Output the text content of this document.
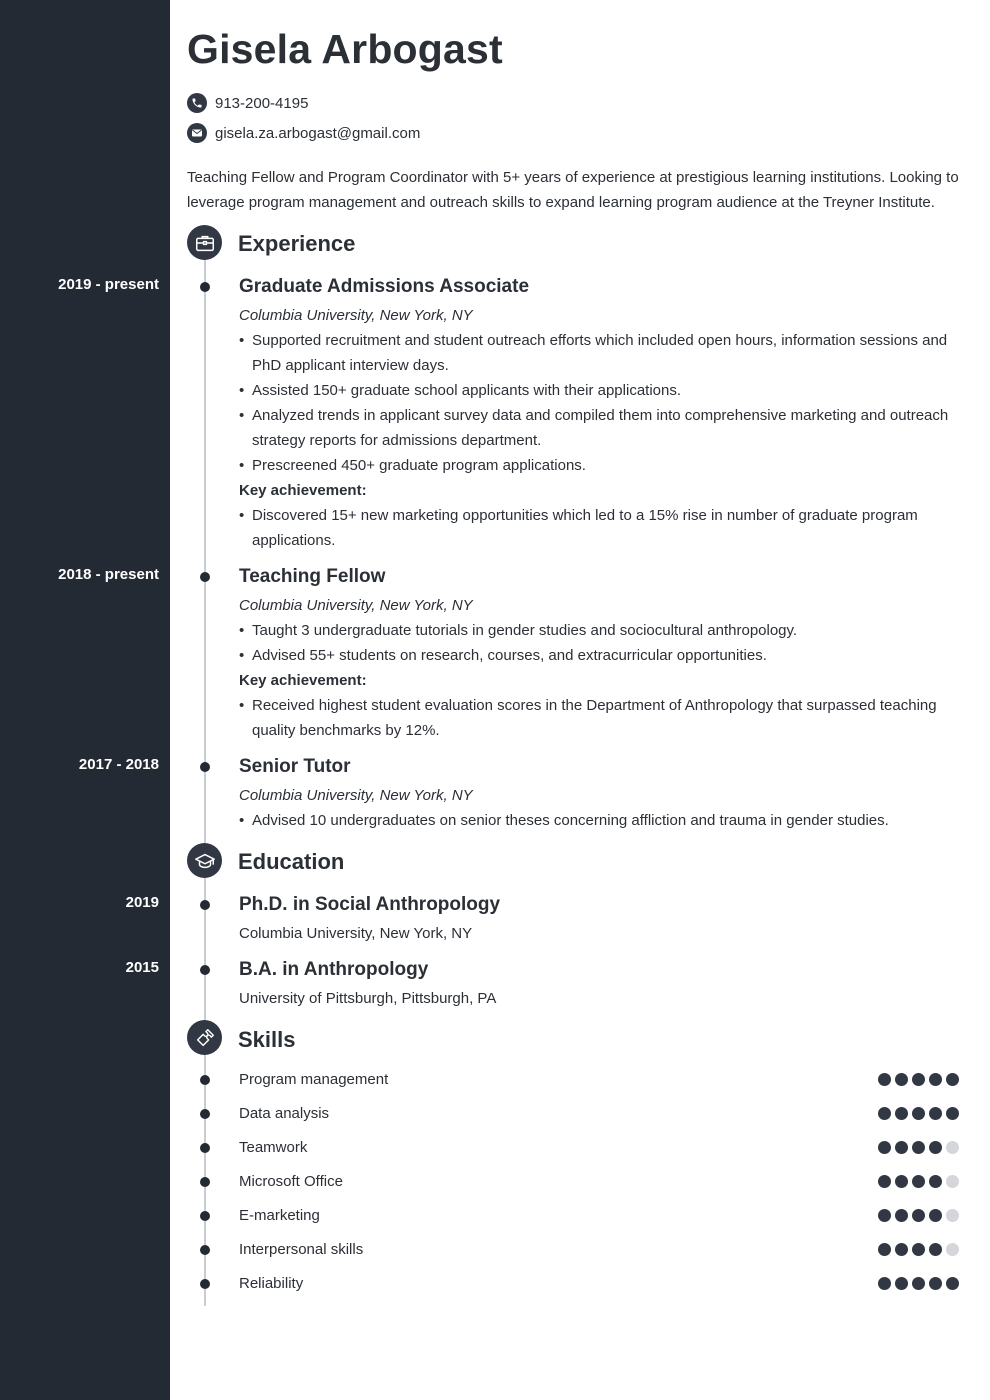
Gisela Arbogast
913-200-4195
gisela.za.arbogast@gmail.com
Teaching Fellow and Program Coordinator with 5+ years of experience at prestigious learning institutions. Looking to leverage program management and outreach skills to expand learning program audience at the Treyner Institute.
Experience
2019 - present	Graduate Admissions Associate
Columbia University, New York, NY
• Supported recruitment and student outreach efforts which included open hours, information sessions and PhD applicant interview days.
• Assisted 150+ graduate school applicants with their applications.
• Analyzed trends in applicant survey data and compiled them into comprehensive marketing and outreach strategy reports for admissions department.
• Prescreened 450+ graduate program applications.
Key achievement:
• Discovered 15+ new marketing opportunities which led to a 15% rise in number of graduate program applications.
2018 - present	Teaching Fellow
Columbia University, New York, NY
• Taught 3 undergraduate tutorials in gender studies and sociocultural anthropology.
• Advised 55+ students on research, courses, and extracurricular opportunities.
Key achievement:
• Received highest student evaluation scores in the Department of Anthropology that surpassed teaching quality benchmarks by 12%.
2017 - 2018	Senior Tutor
Columbia University, New York, NY
• Advised 10 undergraduates on senior theses concerning affliction and trauma in gender studies.
Education
2019	Ph.D. in Social Anthropology
Columbia University, New York, NY
2015	B.A. in Anthropology
University of Pittsburgh, Pittsburgh, PA
Skills
Program management
Data analysis
Teamwork
Microsoft Office
E-marketing
Interpersonal skills
Reliability
